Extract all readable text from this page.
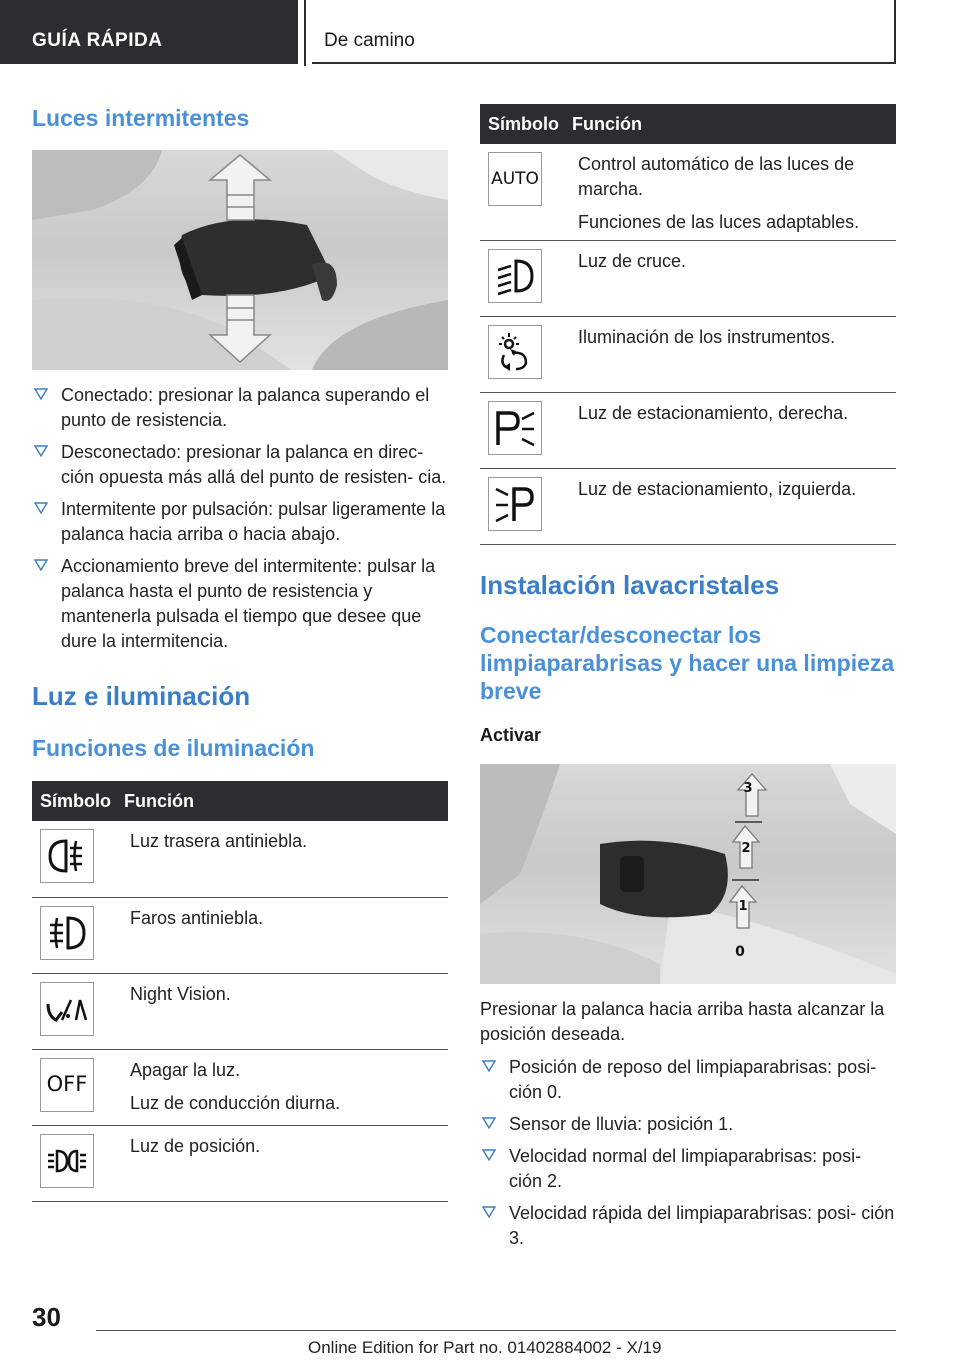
GUÍA RÁPIDA	De camino
Luces intermitentes
Conectado: presionar la palanca superando el punto de resistencia.
Desconectado: presionar la palanca en direc- ción opuesta más allá del punto de resisten- cia.
Intermitente por pulsación: pulsar ligeramente la palanca hacia arriba o hacia abajo.
Accionamiento breve del intermitente: pulsar la palanca hasta el punto de resistencia y mantenerla pulsada el tiempo que desee que dure la intermitencia.
Luz e iluminación
Funciones de iluminación
Símbolo	Función

Luz trasera antiniebla.

Faros antiniebla.

Night Vision.

OFF	Apagar la luz.
Luz de conducción diurna.

Luz de posición.
Símbolo	Función

AUTO	Control automático de las luces de marcha.
Funciones de las luces adaptables.

Luz de cruce.

Iluminación de los instrumentos.

Luz de estacionamiento, derecha.

Luz de estacionamiento, izquierda.
Instalación lavacristales
Conectar/desconectar los limpiaparabrisas y hacer una limpieza breve
Activar
3
2
1
0

Presionar la palanca hacia arriba hasta alcanzar la posición deseada.

Posición de reposo del limpiaparabrisas: posi- ción 0.
Sensor de lluvia: posición 1.
Velocidad normal del limpiaparabrisas: posi- ción 2.
Velocidad rápida del limpiaparabrisas: posi- ción 3.
30
Online Edition for Part no. 01402884002 - X/19
